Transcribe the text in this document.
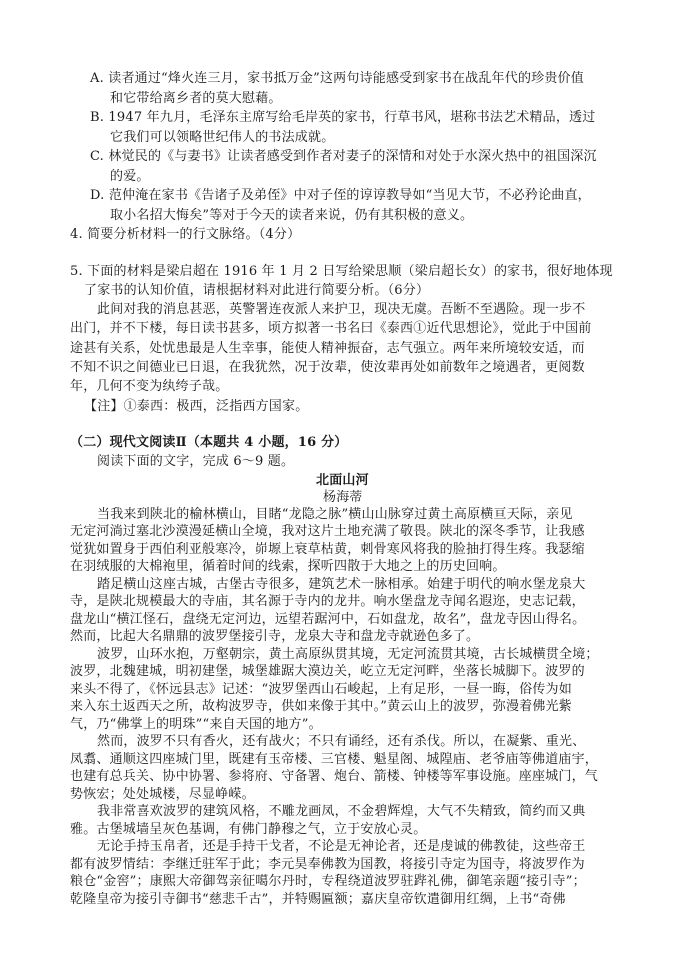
A. 读者通过“烽火连三月，家书抵万金”这两句诗能感受到家书在战乱年代的珍贵价值
和它带给离乡者的莫大慰藉。
B. 1947 年九月，毛泽东主席写给毛岸英的家书，行草书风，堪称书法艺术精品，透过
它我们可以领略世纪伟人的书法成就。
C. 林觉民的《与妻书》让读者感受到作者对妻子的深情和对处于水深火热中的祖国深沉
的爱。
D. 范仲淹在家书《告诸子及弟侄》中对子侄的谆谆教导如“当见大节，不必矜论曲直，
取小名招大悔矣”等对于今天的读者来说，仍有其积极的意义。
4. 简要分析材料一的行文脉络。（4分）
5. 下面的材料是梁启超在 1916 年 1 月 2 日写给梁思顺（梁启超长女）的家书，很好地体现
了家书的认知价值，请根据材料对此进行简要分析。（6分）
此间对我的消息甚恶，英警署连夜派人来护卫，现决无虞。吾断不至遇险。现一步不
出门，并不下楼，每日读书甚多，顷方拟著一书名曰《泰西①近代思想论》，觉此于中国前
途甚有关系，处忧患最是人生幸事，能使人精神振奋，志气强立。两年来所境较安适，而
不知不识之间德业已日退，在我犹然，况于汝辈，使汝辈再处如前数年之境遇者，更阅数
年，几何不变为纨绔子哉。
【注】①泰西：极西，泛指西方国家。
（二）现代文阅读Ⅱ（本题共 4 小题，16 分）
阅读下面的文字，完成 6～9 题。
北面山河
杨海蒂
当我来到陕北的榆林横山，目睹“龙隐之脉”横山山脉穿过黄土高原横亘天际，亲见
无定河淌过塞北沙漠漫延横山全境，我对这片土地充满了敬畏。陕北的深冬季节，让我感
觉犹如置身于西伯利亚般寒冷，峁塬上衰草枯黄，刺骨寒风将我的脸抽打得生疼。我瑟缩
在羽绒服的大棉袍里，循着时间的线索，探听四散于大地之上的历史回响。
踏足横山这座古城，古堡古寺很多，建筑艺术一脉相承。始建于明代的响水堡龙泉大
寺，是陕北规模最大的寺庙，其名源于寺内的龙井。响水堡盘龙寺闻名遐迩，史志记载，
盘龙山“横江怪石，盘绕无定河边，远望若踞河中，石如盘龙，故名”，盘龙寺因山得名。
然而，比起大名鼎鼎的波罗堡接引寺，龙泉大寺和盘龙寺就逊色多了。
波罗，山环水抱，万壑朝宗，黄土高原纵贯其境，无定河流贯其境，古长城横贯全境；
波罗，北魏建城，明初建堡，城堡雄踞大漠边关，屹立无定河畔，坐落长城脚下。波罗的
来头不得了，《怀远县志》记述：“波罗堡西山石峻起，上有足形，一昼一晦，俗传为如
来入东土返西天之所，故构波罗寺，供如来像于其中。”黄云山上的波罗，弥漫着佛光紫
气，乃“佛掌上的明珠”“来自天国的地方”。
然而，波罗不只有香火，还有战火；不只有诵经，还有杀伐。所以，在凝紫、重光、
凤翥、通顺这四座城门里，既建有玉帝楼、三官楼、魁星阁、城隍庙、老爷庙等佛道庙宇，
也建有总兵关、协中协署、参将府、守备署、炮台、箭楼、钟楼等军事设施。座座城门，气
势恢宏；处处城楼，尽显峥嵘。
我非常喜欢波罗的建筑风格，不雕龙画凤，不金碧辉煌，大气不失精致，简约而又典
雅。古堡城墙呈灰色基调，有佛门静穆之气，立于安放心灵。
无论手持玉帛者，还是手持干戈者，不论是无神论者，还是虔诚的佛教徒，这些帝王
都有波罗情结：李继迁驻军于此；李元昊奉佛教为国教，将接引寺定为国寺，将波罗作为
粮仓“金窖”；康熙大帝御驾亲征噶尔丹时，专程绕道波罗驻跸礼佛，御笔亲题“接引寺”；
乾隆皇帝为接引寺御书“慈悲千古”，并特赐匾额；嘉庆皇帝钦遣御用红绸，上书“奇佛
